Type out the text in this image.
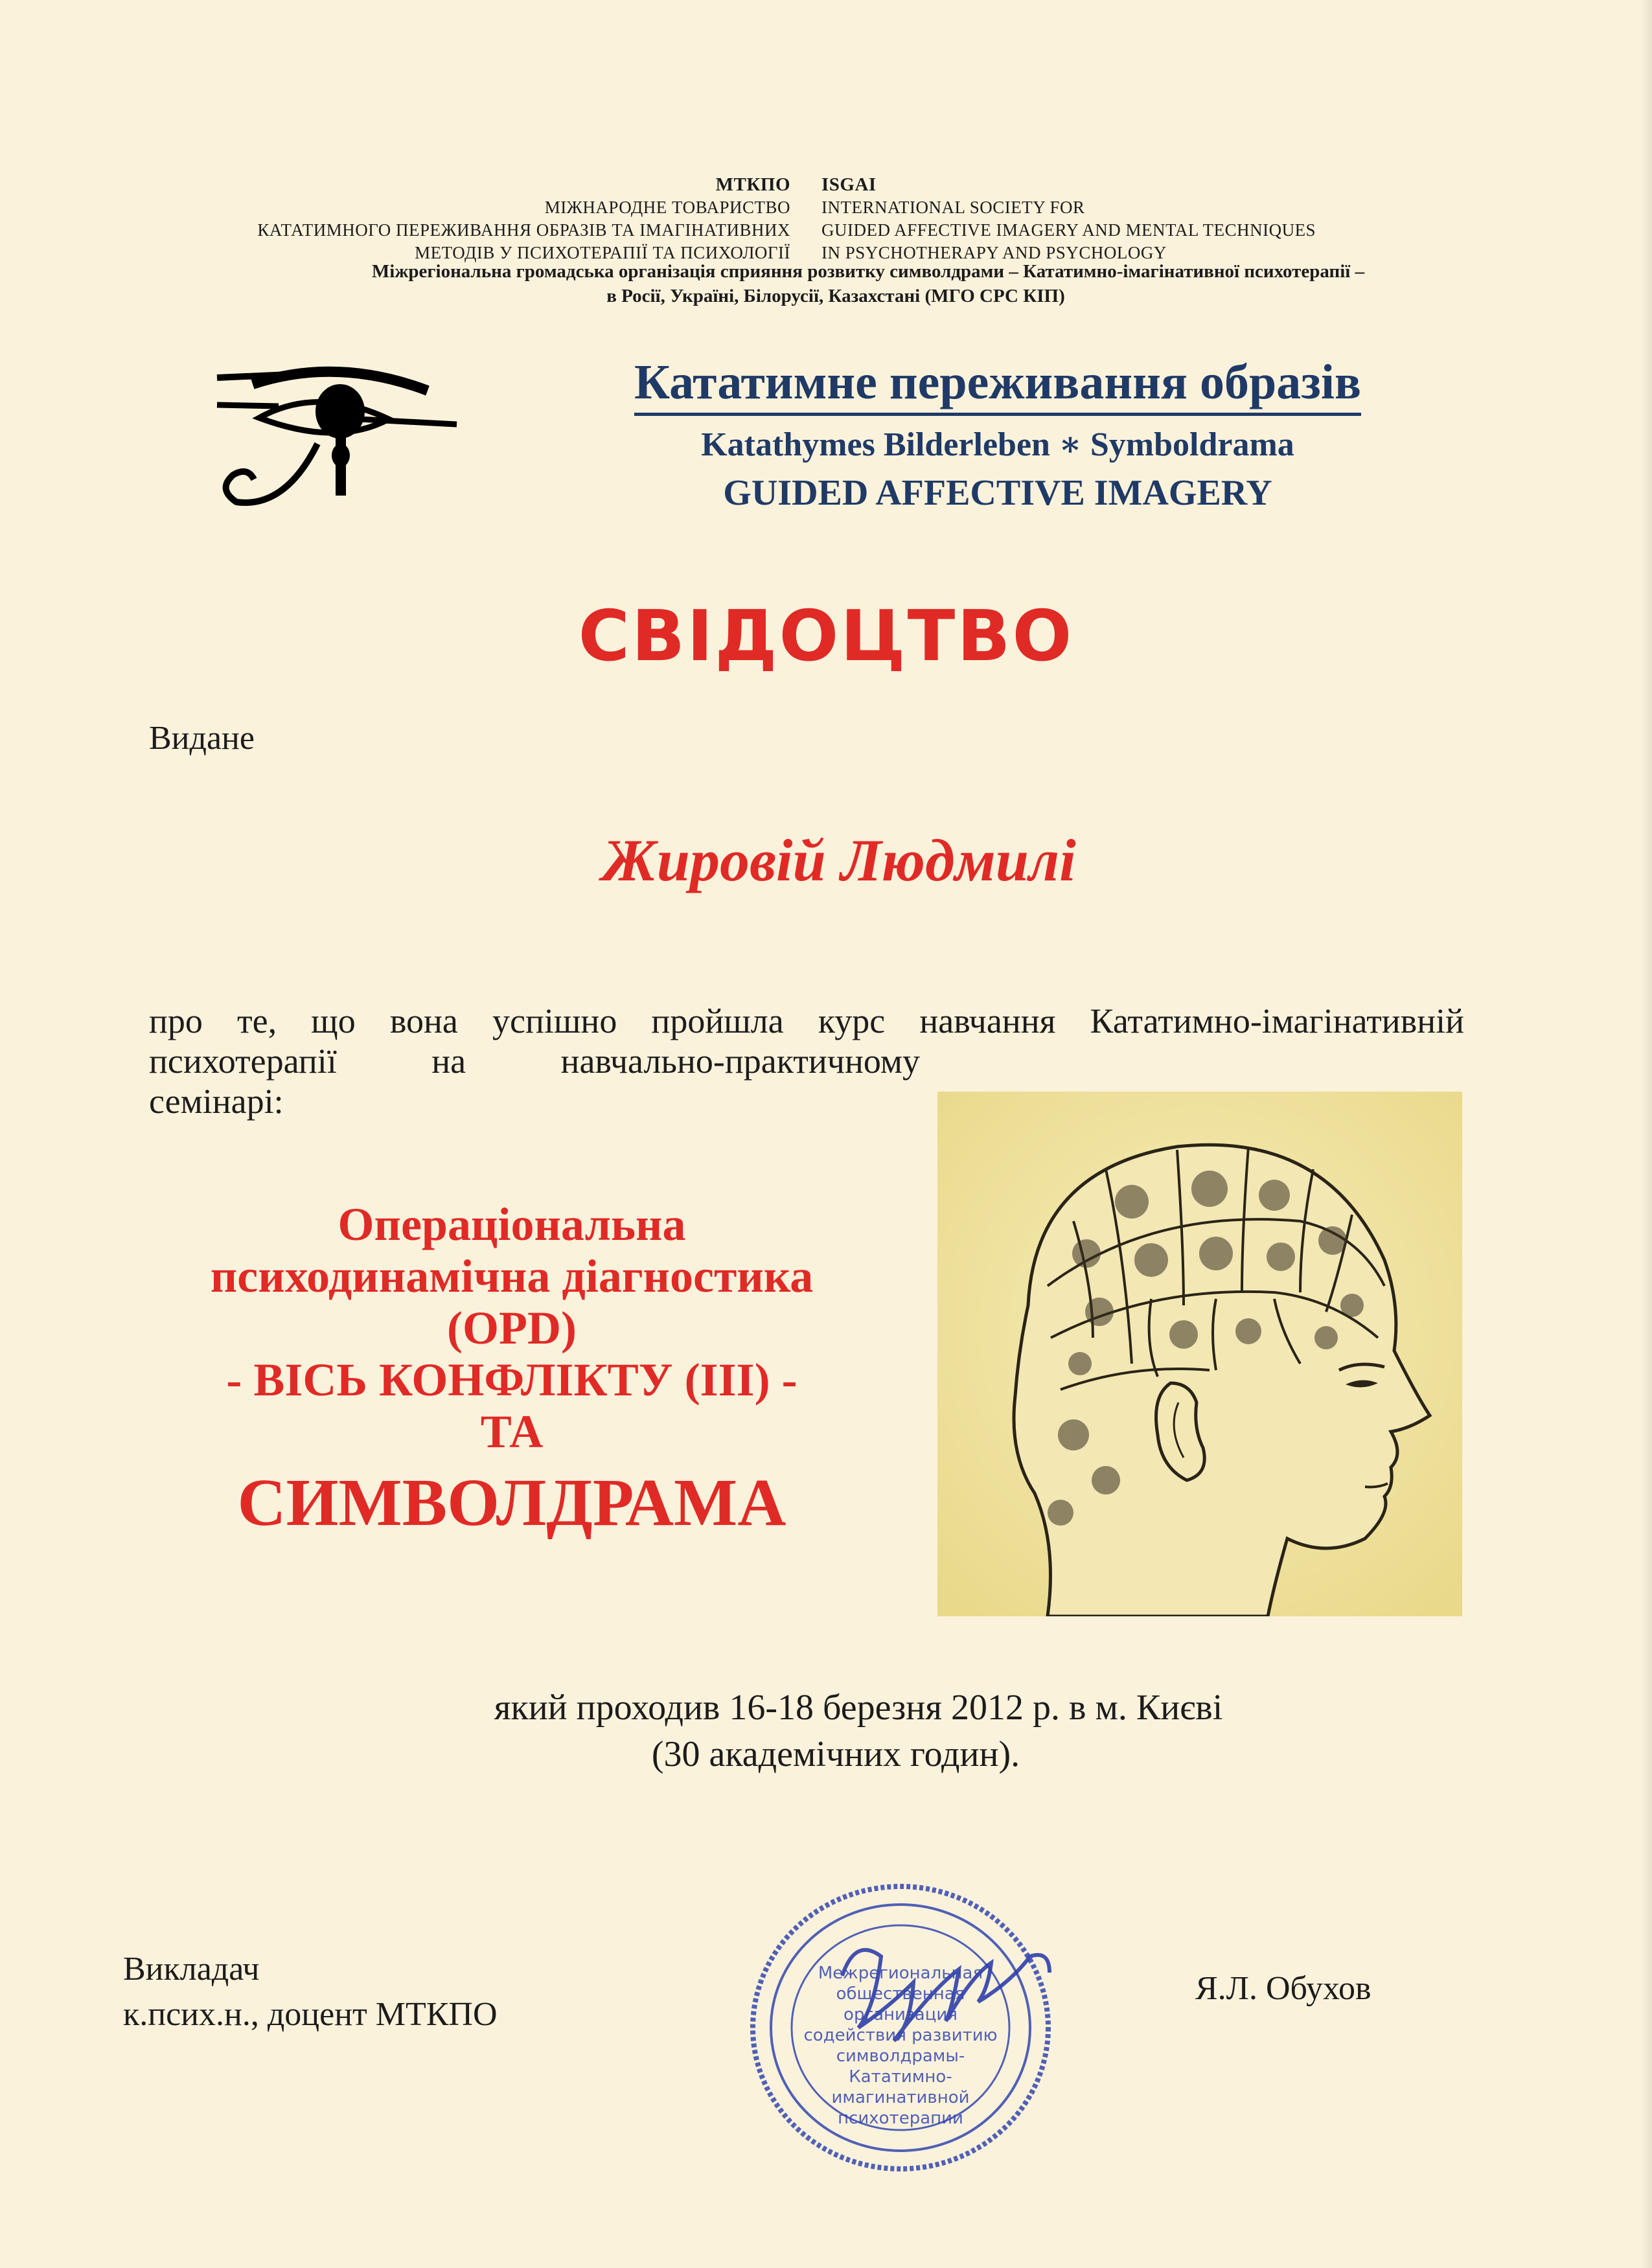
МТКПО
МІЖНАРОДНЕ ТОВАРИСТВО
КАТАТИМНОГО ПЕРЕЖИВАННЯ ОБРАЗІВ ТА ІМАГІНАТИВНИХ
МЕТОДІВ У ПСИХОТЕРАПІЇ ТА ПСИХОЛОГІЇ
ISGAI
INTERNATIONAL SOCIETY FOR
GUIDED AFFECTIVE IMAGERY AND MENTAL TECHNIQUES
IN PSYCHOTHERAPY AND PSYCHOLOGY
Міжрегіональна громадська організація сприяння розвитку символдрами – Кататимно-імагінативної психотерапії –
в Росії, Україні, Білорусії, Казахстані (МГО СРС КІП)
Кататимне переживання образів
Katathymes Bilderleben ∗ Symboldrama
GUIDED AFFECTIVE IMAGERY
СВІДОЦТВО
Видане
Жировій Людмилі
про те, що вона успішно пройшла курс навчання Кататимно-імагінативній
психотерапії на навчально-практичному
семінарі:
Операціональна
психодинамічна діагностика
(OPD)
- ВІСЬ КОНФЛІКТУ (ІІІ) -
ТА
СИМВОЛДРАМА
який проходив 16-18 березня 2012 р. в м. Києві
(30 академічних годин).
Викладач
к.псих.н., доцент МТКПО
Я.Л. Обухов
Межрегиональная
общественная организация
содействия развитию
символдрамы-
Кататимно-имагинативной
психотерапии
